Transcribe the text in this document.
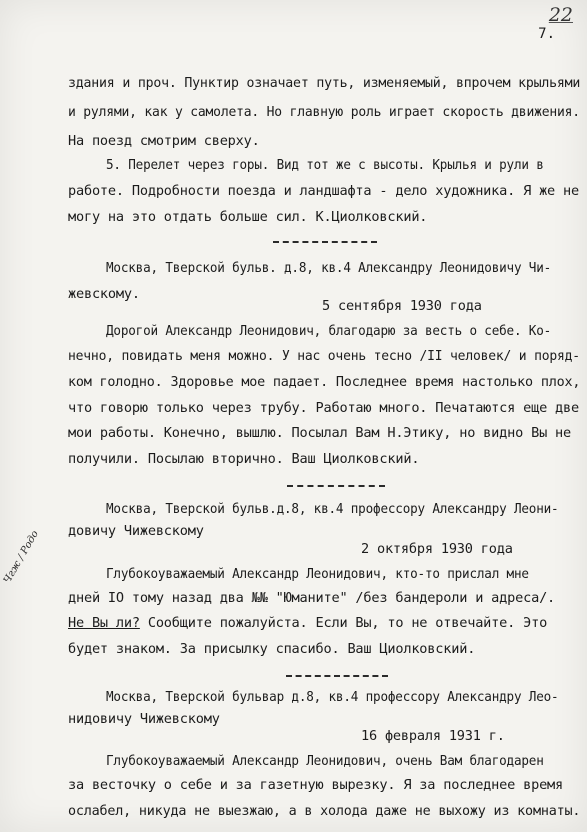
22
7.
Чгж / Родо
здания и проч. Пунктир означает путь, изменяемый, впрочем крыльями
и рулями, как у самолета. Но главную роль играет скорость движения.
На поезд смотрим сверху.
5. Перелет через горы. Вид тот же с высоты. Крылья и рули в
работе. Подробности поезда и ландшафта - дело художника. Я же не
могу на это отдать больше сил. К.Циолковский.
Москва, Тверской бульв. д.8, кв.4 Александру Леонидовичу Чи-
жевскому.
5 сентября 1930 года
Дорогой Александр Леонидович, благодарю за весть о себе. Ко-
нечно, повидать меня можно. У нас очень тесно /II человек/ и поряд-
ком голодно. Здоровье мое падает. Последнее время настолько плох,
что говорю только через трубу. Работаю много. Печатаются еще две
мои работы. Конечно, вышлю. Посылал Вам Н.Этику, но видно Вы не
получили. Посылаю вторично. Ваш Циолковский.
Москва, Тверской бульв.д.8, кв.4 профессору Александру Леони-
довичу Чижевскому
2 октября 1930 года
Глубокоуважаемый Александр Леонидович, кто-то прислал мне
дней IO тому назад два №№ "Юманите" /без бандероли и адреса/.
Не Вы ли? Сообщите пожалуйста. Если Вы, то не отвечайте. Это
будет знаком. За присылку спасибо. Ваш Циолковский.
Москва, Тверской бульвар д.8, кв.4 профессору Александру Лео-
нидовичу Чижевскому
16 февраля 1931 г.
Глубокоуважаемый Александр Леонидович, очень Вам благодарен
за весточку о себе и за газетную вырезку. Я за последнее время
ослабел, никуда не выезжаю, а в холода даже не выхожу из комнаты.
